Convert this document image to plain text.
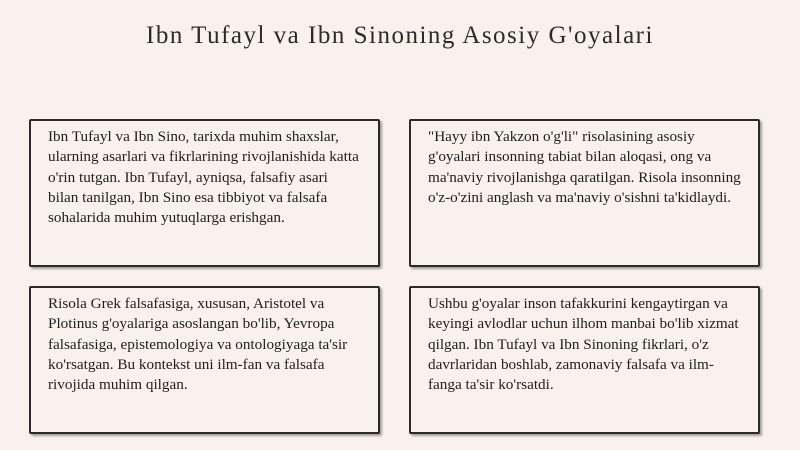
Ibn Tufayl va Ibn Sinoning Asosiy G'oyalari

Ibn Tufayl va Ibn Sino, tarixda muhim shaxslar, ularning asarlari va fikrlarining rivojlanishida katta o'rin tutgan. Ibn Tufayl, ayniqsa, falsafiy asari bilan tanilgan, Ibn Sino esa tibbiyot va falsafa sohalarida muhim yutuqlarga erishgan.

"Hayy ibn Yakzon o'g'li" risolasining asosiy g'oyalari insonning tabiat bilan aloqasi, ong va ma'naviy rivojlanishga qaratilgan. Risola insonning o'z-o'zini anglash va ma'naviy o'sishni ta'kidlaydi.

Risola Grek falsafasiga, xususan, Aristotel va Plotinus g'oyalariga asoslangan bo'lib, Yevropa falsafasiga, epistemologiya va ontologiyaga ta'sir ko'rsatgan. Bu kontekst uni ilm-fan va falsafa rivojida muhim qilgan.

Ushbu g'oyalar inson tafakkurini kengaytirgan va keyingi avlodlar uchun ilhom manbai bo'lib xizmat qilgan. Ibn Tufayl va Ibn Sinoning fikrlari, o'z davrlaridan boshlab, zamonaviy falsafa va ilm-fanga ta'sir ko'rsatdi.
